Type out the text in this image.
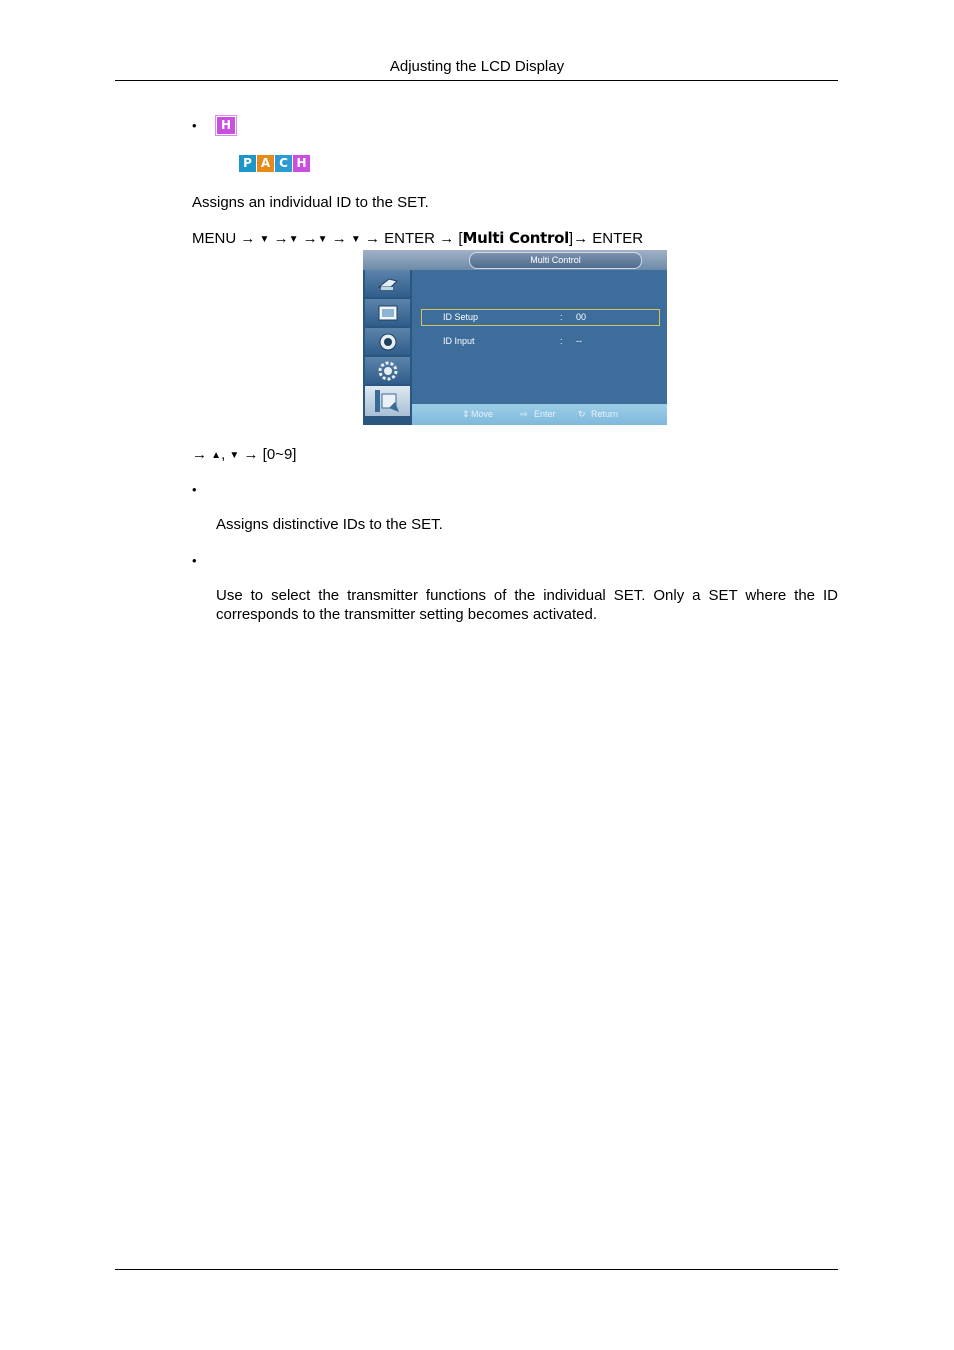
Adjusting the LCD Display
•	H
P A C H
Assigns an individual ID to the SET.
MENU → ▼ →▼ →▼ → ▼ → ENTER → [Multi Control]→ ENTER
Multi Control
ID Setup	: 00
ID Input	: --
⇕ Move	⇨ Enter ↻ Return
→ ▲, ▼ → [0~9]
•
Assigns distinctive IDs to the SET.
•
Use to select the transmitter functions of the individual SET. Only a SET where the ID corresponds to the transmitter setting becomes activated.
